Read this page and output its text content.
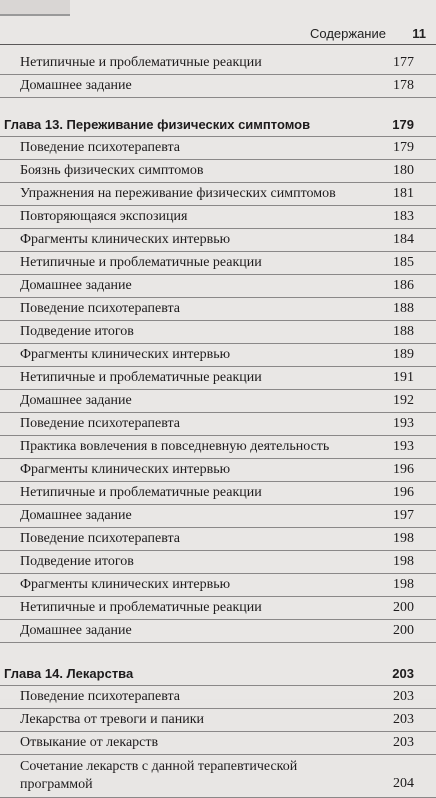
Содержание 11
Нетипичные и проблематичные реакции	177
Домашнее задание	178
Глава 13. Переживание физических симптомов	179
Поведение психотерапевта	179
Боязнь физических симптомов	180
Упражнения на переживание физических симптомов	181
Повторяющаяся экспозиция	183
Фрагменты клинических интервью	184
Нетипичные и проблематичные реакции	185
Домашнее задание	186
Поведение психотерапевта	188
Подведение итогов	188
Фрагменты клинических интервью	189
Нетипичные и проблематичные реакции	191
Домашнее задание	192
Поведение психотерапевта	193
Практика вовлечения в повседневную деятельность	193
Фрагменты клинических интервью	196
Нетипичные и проблематичные реакции	196
Домашнее задание	197
Поведение психотерапевта	198
Подведение итогов	198
Фрагменты клинических интервью	198
Нетипичные и проблематичные реакции	200
Домашнее задание	200
Глава 14. Лекарства	203
Поведение психотерапевта	203
Лекарства от тревоги и паники	203
Отвыкание от лекарств	203
Сочетание лекарств с данной терапевтической программой	204
